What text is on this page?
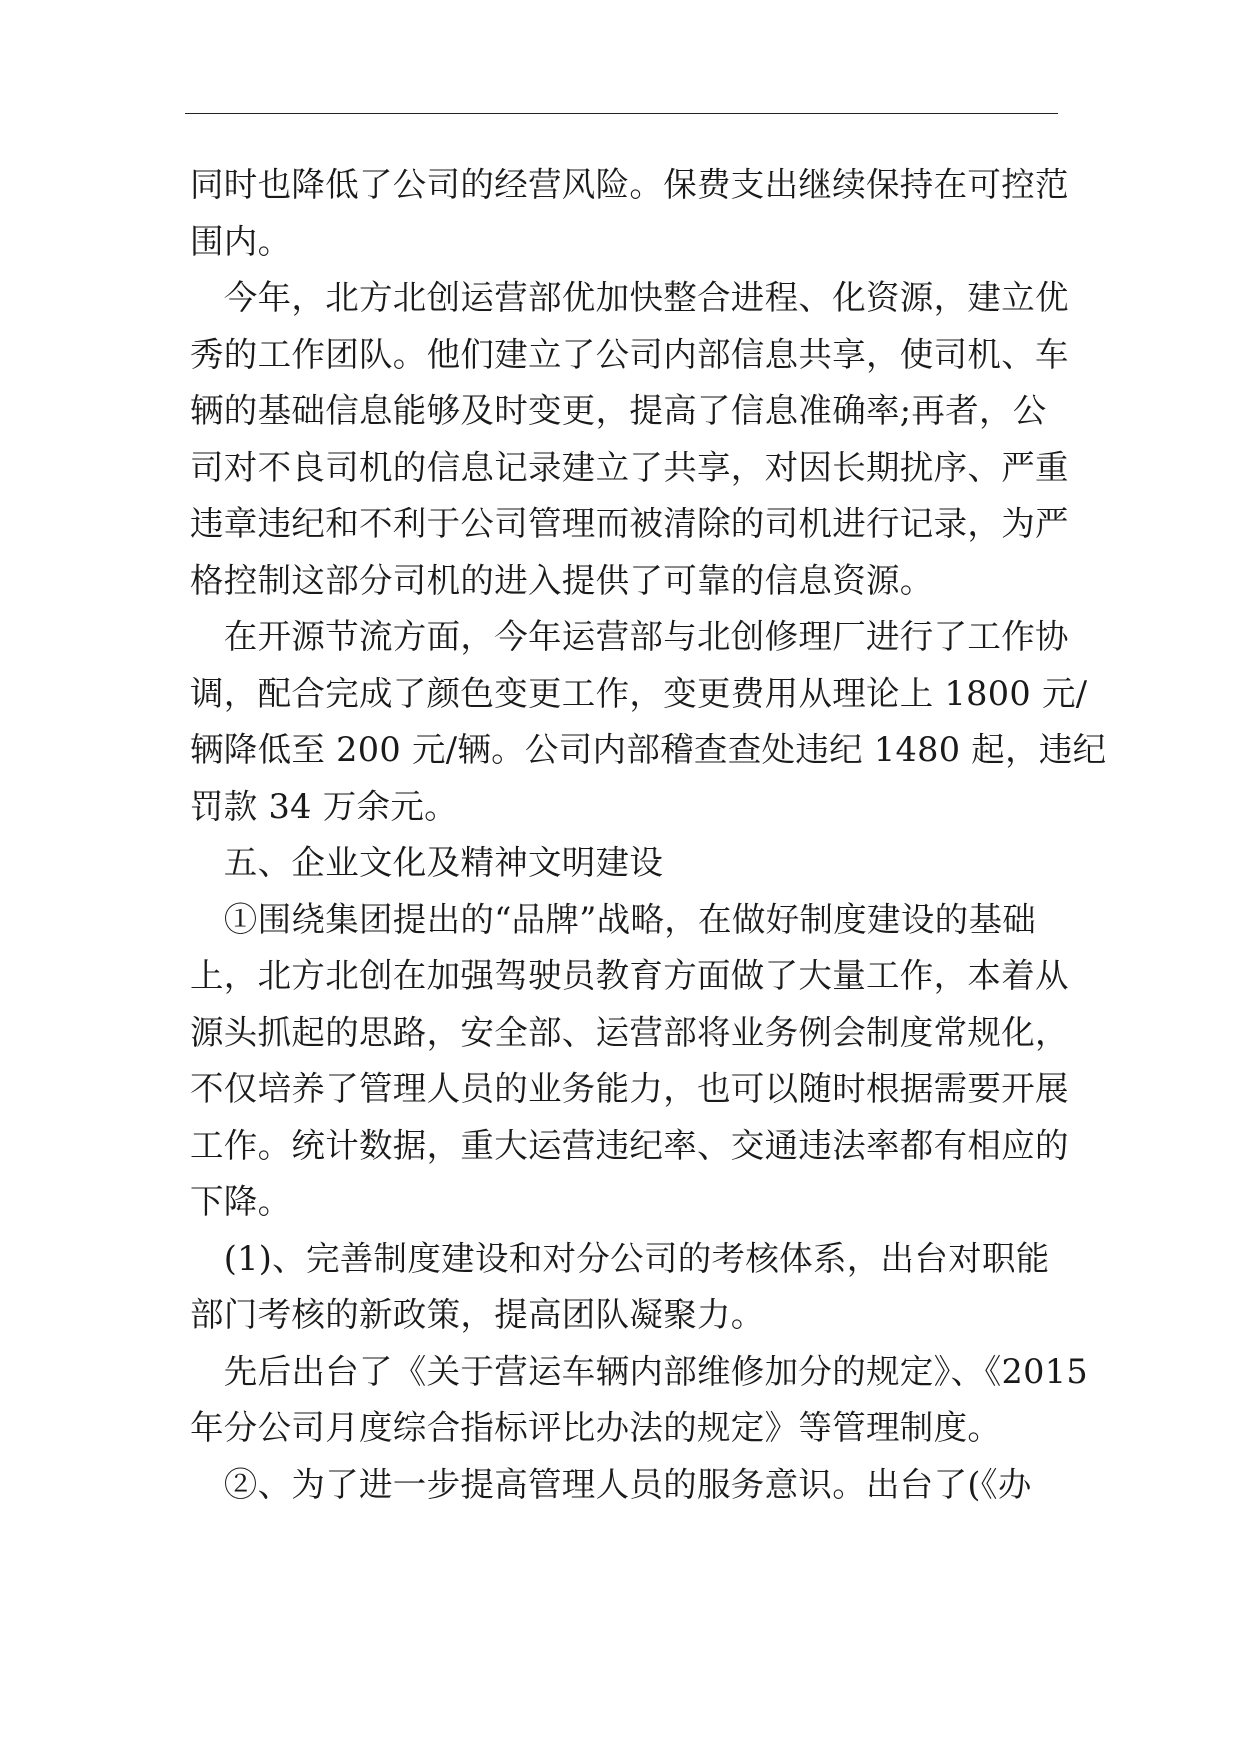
同时也降低了公司的经营风险。保费支出继续保持在可控范
围内。
　今年，北方北创运营部优加快整合进程、化资源，建立优
秀的工作团队。他们建立了公司内部信息共享，使司机、车
辆的基础信息能够及时变更，提高了信息准确率;再者，公
司对不良司机的信息记录建立了共享，对因长期扰序、严重
违章违纪和不利于公司管理而被清除的司机进行记录，为严
格控制这部分司机的进入提供了可靠的信息资源。
　在开源节流方面，今年运营部与北创修理厂进行了工作协
调，配合完成了颜色变更工作，变更费用从理论上 1800 元/
辆降低至 200 元/辆。公司内部稽查查处违纪 1480 起，违纪
罚款 34 万余元。
　五、企业文化及精神文明建设
　①围绕集团提出的“品牌”战略，在做好制度建设的基础
上，北方北创在加强驾驶员教育方面做了大量工作，本着从
源头抓起的思路，安全部、运营部将业务例会制度常规化，
不仅培养了管理人员的业务能力，也可以随时根据需要开展
工作。统计数据，重大运营违纪率、交通违法率都有相应的
下降。
　(1)、完善制度建设和对分公司的考核体系，出台对职能
部门考核的新政策，提高团队凝聚力。
　先后出台了《关于营运车辆内部维修加分的规定》、《2015
年分公司月度综合指标评比办法的规定》等管理制度。
　②、为了进一步提高管理人员的服务意识。出台了(《办
